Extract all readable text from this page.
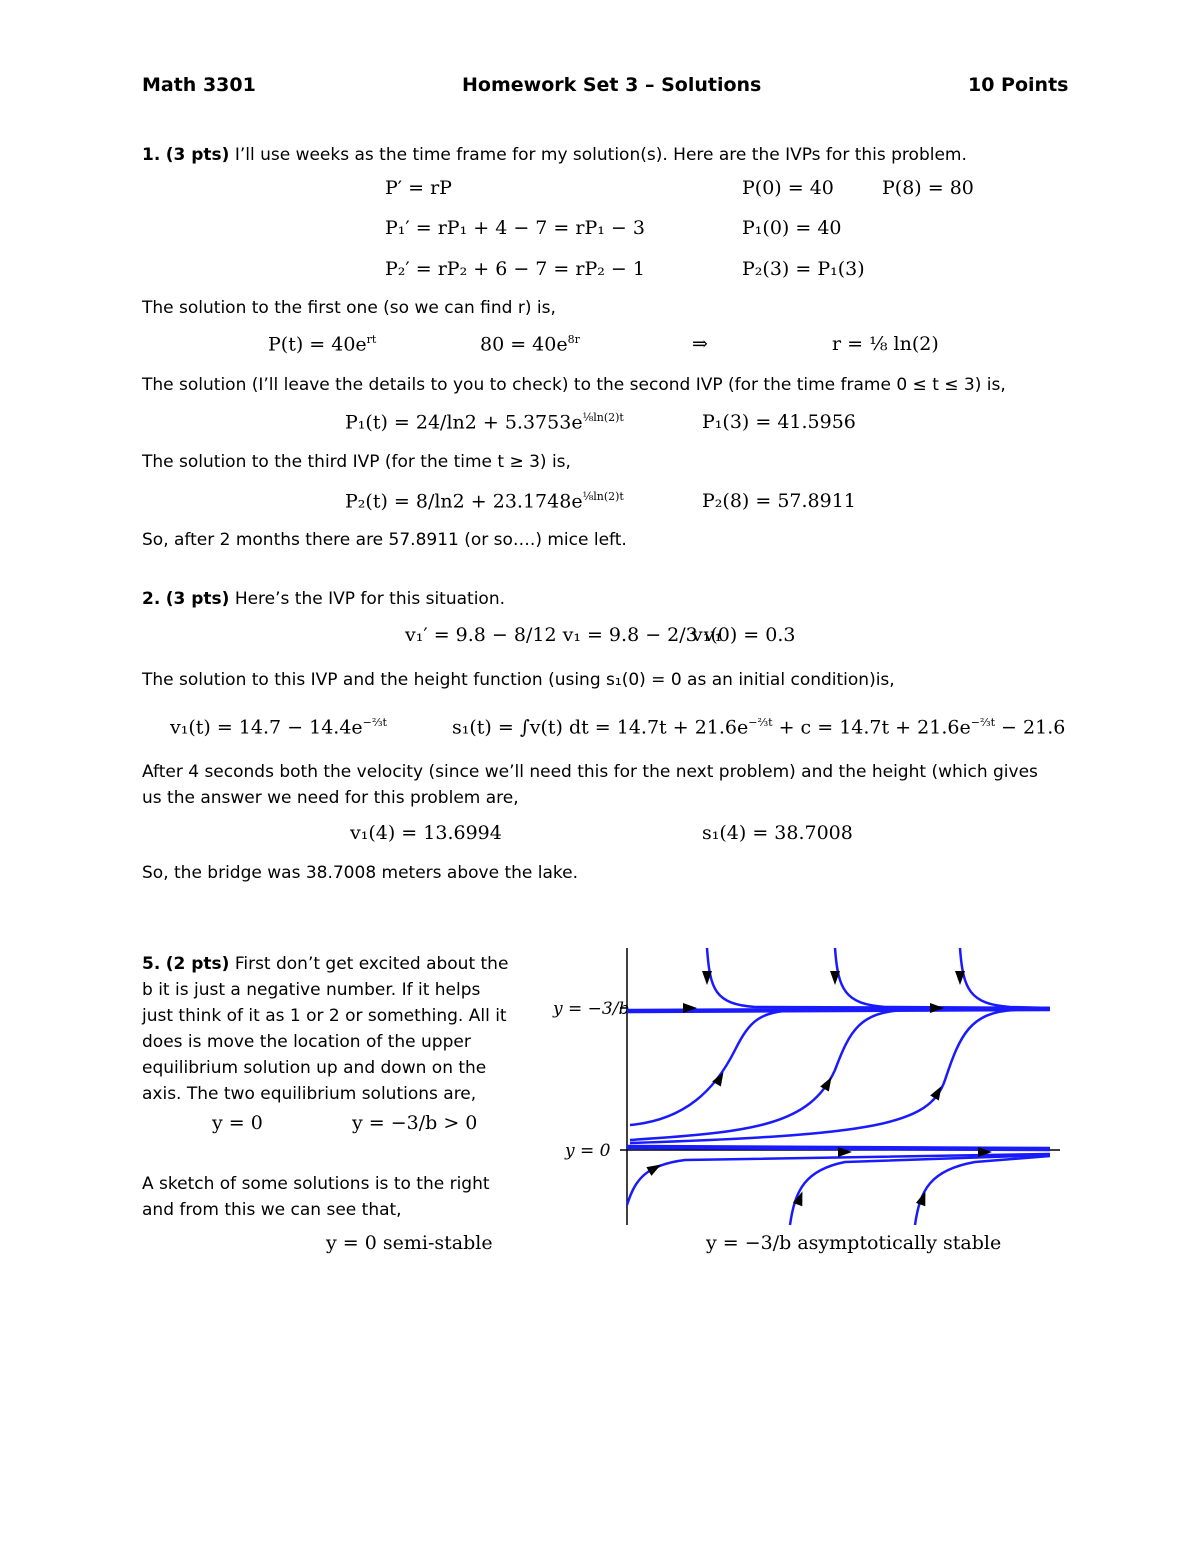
Math 3301	Homework Set 3 – Solutions	10 Points
1. (3 pts) I’ll use weeks as the time frame for my solution(s). Here are the IVPs for this problem.
P′ = rP	P(0) = 40	P(8) = 80
P₁′ = rP₁ + 4 − 7 = rP₁ − 3	P₁(0) = 40
P₂′ = rP₂ + 6 − 7 = rP₂ − 1	P₂(3) = P₁(3)
The solution to the first one (so we can find r) is,
$P(t) = 40e^{rt}$	$80 = 40e^{8r}$	⇒	r = ⅛ ln(2)
The solution (I’ll leave the details to you to check) to the second IVP (for the time frame 0 ≤ t ≤ 3) is,
$P_1(t) = 24/\ln 2 + 5.3753e^{\frac{1}{8}ln(2)t}$	P₁(3) = 41.5956
The solution to the third IVP (for the time t ≥ 3) is,
$P_2(t) = 8/\ln 2 + 23.1748e^{\frac{1}{8}ln(2)t}$	P₂(8) = 57.8911
So, after 2 months there are 57.8911 (or so….) mice left.
2. (3 pts) Here’s the IVP for this situation.
v₁′ = 9.8 − 8/12 v₁ = 9.8 − 2/3 v₁
v₁(0) = 0.3
The solution to this IVP and the height function (using s₁(0) = 0 as an initial condition)is,
$v_1(t) = 14.7 - 14.4e^{-\frac{2}{3}t}$	s₁(t) = ∫v(t) dt = $14.7t + 21.6e^{-\frac{2}{3}t} + c = 14.7t + 21.6e^{-\frac{2}{3}t} - 21.6$
After 4 seconds both the velocity (since we’ll need this for the next problem) and the height (which gives us the answer we need for this problem are,
v₁(4) = 13.6994	s₁(4) = 38.7008
So, the bridge was 38.7008 meters above the lake.
5. (2 pts) First don’t get excited about the
b it is just a negative number. If it helps
just think of it as 1 or 2 or something. All it
does is move the location of the upper
equilibrium solution up and down on the
axis. The two equilibrium solutions are,
y = 0	y = −3/b > 0
A sketch of some solutions is to the right
and from this we can see that,
y = 0 semi-stable	y = −3/b asymptotically stable
y = −3/b
y = 0
